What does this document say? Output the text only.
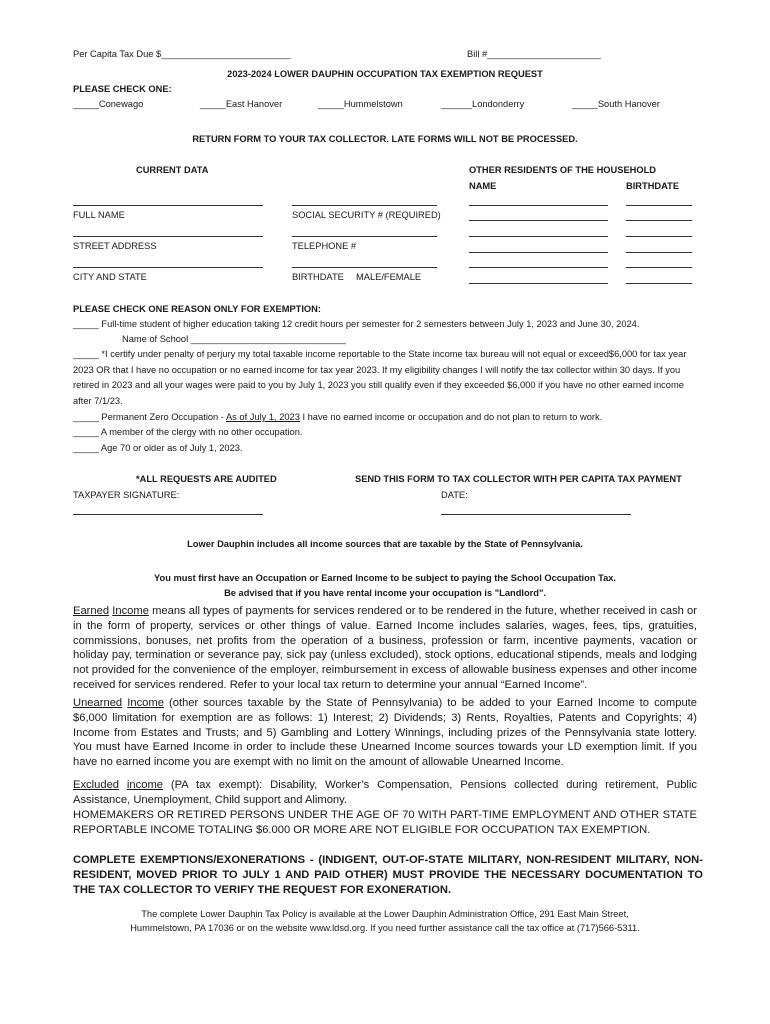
Per Capita Tax Due $_________________________	Bill #______________________
2023-2024 LOWER DAUPHIN OCCUPATION TAX EXEMPTION REQUEST
PLEASE CHECK ONE:
_____Conewago	_____East Hanover	_____Hummelstown	______Londonderry	_____South Hanover
RETURN FORM TO YOUR TAX COLLECTOR. LATE FORMS WILL NOT BE PROCESSED.
CURRENT DATA	OTHER RESIDENTS OF THE HOUSEHOLD
NAME	BIRTHDATE
FULL NAME	SOCIAL SECURITY # (REQUIRED)
STREET ADDRESS	TELEPHONE #
CITY AND STATE	BIRTHDATE MALE/FEMALE
PLEASE CHECK ONE REASON ONLY FOR EXEMPTION:
_____ Full-time student of higher education taking 12 credit hours per semester for 2 semesters between July 1, 2023 and June 30, 2024.
Name of School ______________________________
_____ *I certify under penalty of perjury my total taxable income reportable to the State income tax bureau will not equal or exceed$6,000 for tax year 2023 OR that I have no occupation or no earned income for tax year 2023. If my eligibility changes I will notify the tax collector within 30 days. If you retired in 2023 and all your wages were paid to you by July 1, 2023 you still qualify even if they exceeded $6,000 if you have no other earned income after 7/1/23.
_____ Permanent Zero Occupation - As of July 1, 2023 I have no earned income or occupation and do not plan to return to work.
_____ A member of the clergy with no other occupation.
_____ Age 70 or older as of July 1, 2023.
*ALL REQUESTS ARE AUDITED	SEND THIS FORM TO TAX COLLECTOR WITH PER CAPITA TAX PAYMENT
TAXPAYER SIGNATURE:	DATE:
Lower Dauphin includes all income sources that are taxable by the State of Pennsylvania.
You must first have an Occupation or Earned Income to be subject to paying the School Occupation Tax.
Be advised that if you have rental income your occupation is "Landlord".
Earned Income means all types of payments for services rendered or to be rendered in the future, whether received in cash or in the form of property, services or other things of value. Earned Income includes salaries, wages, fees, tips, gratuities, commissions, bonuses, net profits from the operation of a business, profession or farm, incentive payments, vacation or holiday pay, termination or severance pay, sick pay (unless excluded), stock options, educational stipends, meals and lodging not provided for the convenience of the employer, reimbursement in excess of allowable business expenses and other income received for services rendered. Refer to your local tax return to determine your annual “Earned Income”.
Unearned Income (other sources taxable by the State of Pennsylvania) to be added to your Earned Income to compute $6,000 limitation for exemption are as follows: 1) Interest; 2) Dividends; 3) Rents, Royalties, Patents and Copyrights; 4) Income from Estates and Trusts; and 5) Gambling and Lottery Winnings, including prizes of the Pennsylvania state lottery. You must have Earned Income in order to include these Unearned Income sources towards your LD exemption limit. If you have no earned income you are exempt with no limit on the amount of allowable Unearned Income.
Excluded income (PA tax exempt): Disability, Worker’s Compensation, Pensions collected during retirement, Public Assistance, Unemployment, Child support and Alimony.
HOMEMAKERS OR RETIRED PERSONS UNDER THE AGE OF 70 WITH PART-TIME EMPLOYMENT AND OTHER STATE REPORTABLE INCOME TOTALING $6.000 OR MORE ARE NOT ELIGIBLE FOR OCCUPATION TAX EXEMPTION.
COMPLETE EXEMPTIONS/EXONERATIONS - (INDIGENT, OUT-OF-STATE MILITARY, NON-RESIDENT MILITARY, NON-RESIDENT, MOVED PRIOR TO JULY 1 AND PAID OTHER) MUST PROVIDE THE NECESSARY DOCUMENTATION TO THE TAX COLLECTOR TO VERIFY THE REQUEST FOR EXONERATION.
The complete Lower Dauphin Tax Policy is available at the Lower Dauphin Administration Office, 291 East Main Street,
Hummelstown, PA 17036 or on the website www.ldsd.org. If you need further assistance call the tax office at (717)566-5311.
